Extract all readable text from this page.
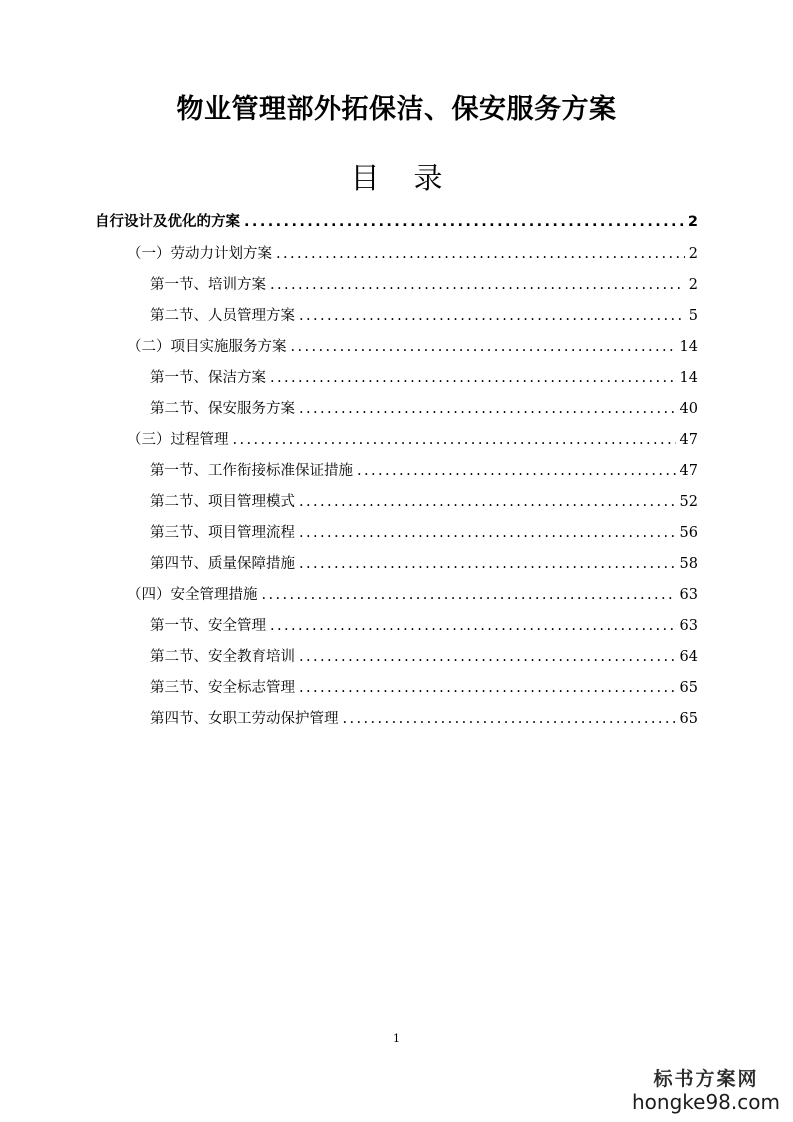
物业管理部外拓保洁、保安服务方案
目 录
自行设计及优化的方案 .....	2
（一）劳动力计划方案 .....	2
第一节、培训方案 .....	2
第二节、人员管理方案 .....	5
（二）项目实施服务方案 .....	14
第一节、保洁方案 .....	14
第二节、保安服务方案 .....	40
（三）过程管理 .....	47
第一节、工作衔接标准保证措施 .....	47
第二节、项目管理模式 .....	52
第三节、项目管理流程 .....	56
第四节、质量保障措施 .....	58
（四）安全管理措施 .....	63
第一节、安全管理 .....	63
第二节、安全教育培训 .....	64
第三节、安全标志管理 .....	65
第四节、女职工劳动保护管理 .....	65
1
标书方案网
hongke98.com
